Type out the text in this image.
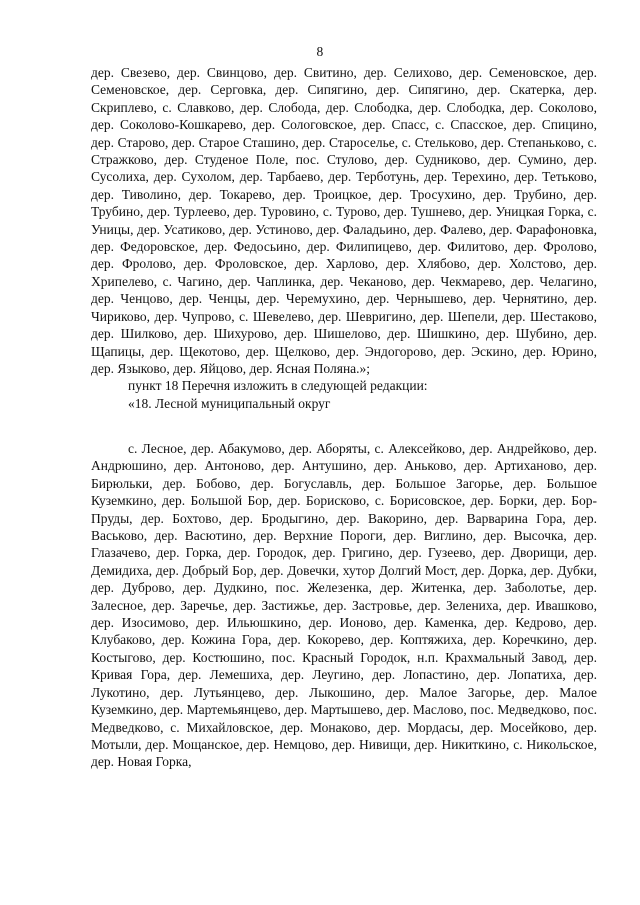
8

дер. Свезево, дер. Свинцово, дер. Свитино, дер. Селихово, дер. Семеновское, дер. Семеновское, дер. Серговка, дер. Сипягино, дер. Сипягино, дер. Скатерка, дер. Скриплево, с. Славково, дер. Слобода, дер. Слободка, дер. Слободка, дер. Соколово, дер. Соколово-Кошкарево, дер. Сологовское, дер. Спасс, с. Спасское, дер. Спицино, дер. Старово, дер. Старое Сташино, дер. Староселье, с. Стельково, дер. Степаньково, с. Стражково, дер. Студеное Поле, пос. Стулово, дер. Судниково, дер. Сумино, дер. Сусолиха, дер. Сухолом, дер. Тарбаево, дер. Терботунь, дер. Терехино, дер. Тетьково, дер. Тиволино, дер. Токарево, дер. Троицкое, дер. Тросухино, дер. Трубино, дер. Трубино, дер. Турлеево, дер. Туровино, с. Турово, дер. Тушнево, дер. Уницкая Горка, с. Уницы, дер. Усатиково, дер. Устиново, дер. Фаладьино, дер. Фалево, дер. Фарафоновка, дер. Федоровское, дер. Федосьино, дер. Филипицево, дер. Филитово, дер. Фролово, дер. Фролово, дер. Фроловское, дер. Харлово, дер. Хлябово, дер. Холстово, дер. Хрипелево, с. Чагино, дер. Чаплинка, дер. Чеканово, дер. Чекмарево, дер. Челагино, дер. Ченцово, дер. Ченцы, дер. Черемухино, дер. Чернышево, дер. Чернятино, дер. Чириково, дер. Чупрово, с. Шевелево, дер. Шевригино, дер. Шепели, дер. Шестаково, дер. Шилково, дер. Шихурово, дер. Шишелово, дер. Шишкино, дер. Шубино, дер. Щапицы, дер. Щекотово, дер. Щелково, дер. Эндогорово, дер. Эскино, дер. Юрино, дер. Языково, дер. Яйцово, дер. Ясная Поляна.»;

пункт 18 Перечня изложить в следующей редакции:

«18. Лесной муниципальный округ

с. Лесное, дер. Абакумово, дер. Аборяты, с. Алексейково, дер. Андрейково, дер. Андрюшино, дер. Антоново, дер. Антушино, дер. Аньково, дер. Артиханово, дер. Бирюльки, дер. Бобово, дер. Богуславль, дер. Большое Загорье, дер. Большое Куземкино, дер. Большой Бор, дер. Борисково, с. Борисовское, дер. Борки, дер. Бор-Пруды, дер. Бохтово, дер. Бродыгино, дер. Вакорино, дер. Варварина Гора, дер. Васьково, дер. Васютино, дер. Верхние Пороги, дер. Виглино, дер. Высочка, дер. Глазачево, дер. Горка, дер. Городок, дер. Григино, дер. Гузеево, дер. Дворищи, дер. Демидиха, дер. Добрый Бор, дер. Довечки, хутор Долгий Мост, дер. Дорка, дер. Дубки, дер. Дуброво, дер. Дудкино, пос. Железенка, дер. Житенка, дер. Заболотье, дер. Залесное, дер. Заречье, дер. Застижье, дер. Застровье, дер. Зелениха, дер. Ивашково, дер. Изосимово, дер. Ильюшкино, дер. Ионово, дер. Каменка, дер. Кедрово, дер. Клубаково, дер. Кожина Гора, дер. Кокорево, дер. Коптяжиха, дер. Коречкино, дер. Костыгово, дер. Костюшино, пос. Красный Городок, н.п. Крахмальный Завод, дер. Кривая Гора, дер. Лемешиха, дер. Леугино, дер. Лопастино, дер. Лопатиха, дер. Лукотино, дер. Лутьянцево, дер. Лыкошино, дер. Малое Загорье, дер. Малое Куземкино, дер. Мартемьянцево, дер. Мартышево, дер. Маслово, пос. Медведково, пос. Медведково, с. Михайловское, дер. Монаково, дер. Мордасы, дер. Мосейково, дер. Мотыли, дер. Мощанское, дер. Немцово, дер. Нивищи, дер. Никиткино, с. Никольское, дер. Новая Горка,
